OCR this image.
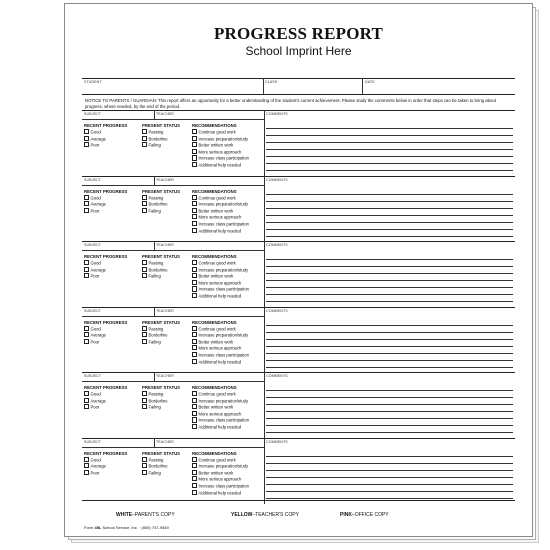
PROGRESS REPORT
School Imprint Here
STUDENT	CLASS	DATE
NOTICE TO PARENTS / GUARDIAN: This report offers an opportunity for a better understanding of the student's current achievement. Please study the comments below in order that steps can be taken to bring about progress, where needed, by the end of the period.
SUBJECT	TEACHER	COMMENTS
RECENT PROGRESS	PRESENT STATUS	RECOMMENDATIONS
Good
Average
Poor
Passing
Borderline
Failing
Continue good work
Increase preparation/study
Better written work
More serious approach
Increase class participation
Additional help needed
SUBJECT	TEACHER	COMMENTS
RECENT PROGRESS	PRESENT STATUS	RECOMMENDATIONS
Good
Average
Poor
Passing
Borderline
Failing
Continue good work
Increase preparation/study
Better written work
More serious approach
Increase class participation
Additional help needed
SUBJECT	TEACHER	COMMENTS
RECENT PROGRESS	PRESENT STATUS	RECOMMENDATIONS
Good
Average
Poor
Passing
Borderline
Failing
Continue good work
Increase preparation/study
Better written work
More serious approach
Increase class participation
Additional help needed
SUBJECT	TEACHER	COMMENTS
RECENT PROGRESS	PRESENT STATUS	RECOMMENDATIONS
Good
Average
Poor
Passing
Borderline
Failing
Continue good work
Increase preparation/study
Better written work
More serious approach
Increase class participation
Additional help needed
SUBJECT	TEACHER	COMMENTS
RECENT PROGRESS	PRESENT STATUS	RECOMMENDATIONS
Good
Average
Poor
Passing
Borderline
Failing
Continue good work
Increase preparation/study
Better written work
More serious approach
Increase class participation
Additional help needed
SUBJECT	TEACHER	COMMENTS
RECENT PROGRESS	PRESENT STATUS	RECOMMENDATIONS
Good
Average
Poor
Passing
Borderline
Failing
Continue good work
Increase preparation/study
Better written work
More serious approach
Increase class participation
Additional help needed
WHITE–PARENT'S COPY	YELLOW–TEACHER'S COPY	PINK–OFFICE COPY
Form 45L School Service, Inc. · (800) 747-9549
